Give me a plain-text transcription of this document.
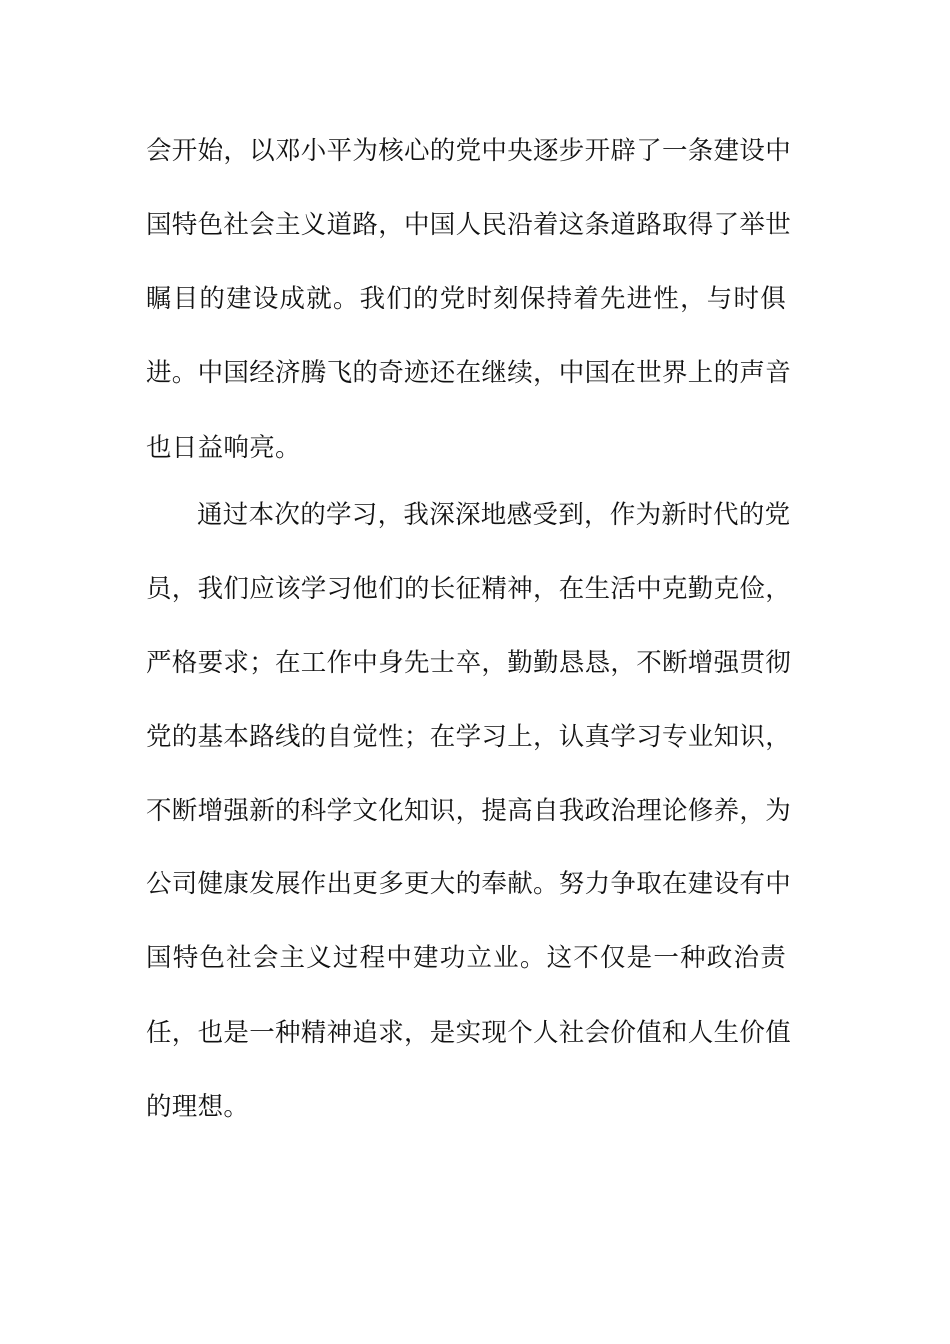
会开始，以邓小平为核心的党中央逐步开辟了一条建设中
国特色社会主义道路，中国人民沿着这条道路取得了举世
瞩目的建设成就。我们的党时刻保持着先进性，与时俱
进。中国经济腾飞的奇迹还在继续，中国在世界上的声音
也日益响亮。
通过本次的学习，我深深地感受到，作为新时代的党
员，我们应该学习他们的长征精神，在生活中克勤克俭，
严格要求；在工作中身先士卒，勤勤恳恳，不断增强贯彻
党的基本路线的自觉性；在学习上，认真学习专业知识，
不断增强新的科学文化知识，提高自我政治理论修养，为
公司健康发展作出更多更大的奉献。努力争取在建设有中
国特色社会主义过程中建功立业。这不仅是一种政治责
任，也是一种精神追求，是实现个人社会价值和人生价值
的理想。
